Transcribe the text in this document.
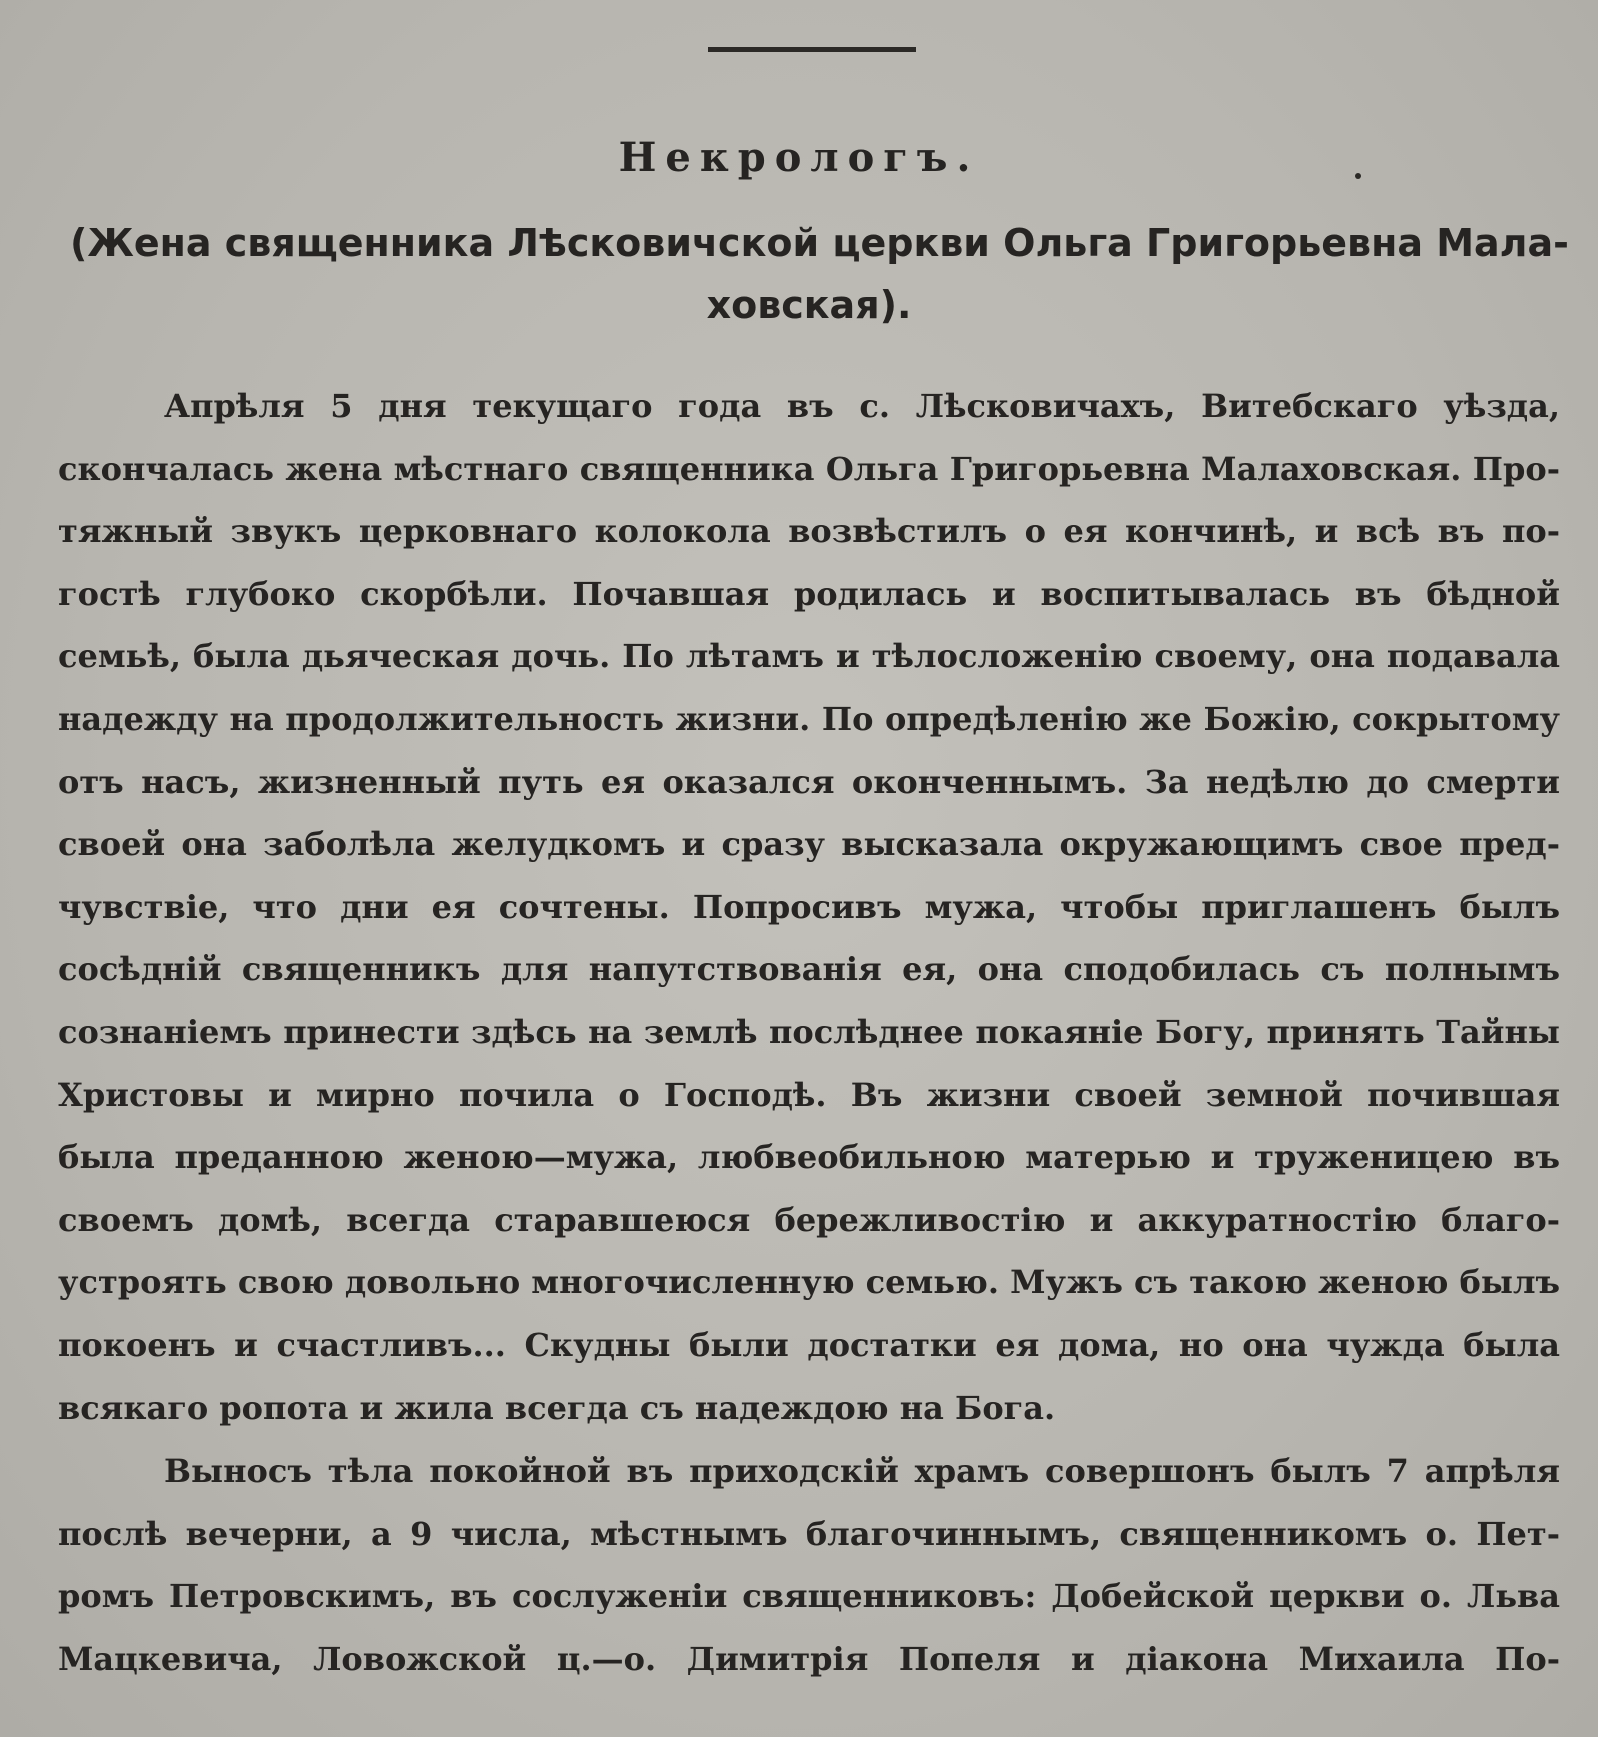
Некрологъ.
(Жена священника Лѣсковичской церкви Ольга Григорьевна Мала-
ховская).
Апрѣля 5 дня текущаго года въ с. Лѣсковичахъ, Витебскаго уѣзда,
скончалась жена мѣстнаго священника Ольга Григорьевна Малаховская. Про-
тяжный звукъ церковнаго колокола возвѣстилъ о ея кончинѣ, и всѣ въ по-
гостѣ глубоко скорбѣли. Почавшая родилась и воспитывалась въ бѣдной
семьѣ, была дьяческая дочь. По лѣтамъ и тѣлосложенію своему, она подавала
надежду на продолжительность жизни. По опредѣленію же Божію, сокрытому
отъ насъ, жизненный путь ея оказался оконченнымъ. За недѣлю до смерти
своей она заболѣла желудкомъ и сразу высказала окружающимъ свое пред-
чувствіе, что дни ея сочтены. Попросивъ мужа, чтобы приглашенъ былъ
сосѣдній священникъ для напутствованія ея, она сподобилась съ полнымъ
сознаніемъ принести здѣсь на землѣ послѣднее покаяніе Богу, принять Тайны
Христовы и мирно почила о Господѣ. Въ жизни своей земной почившая
была преданною женою—мужа, любвеобильною матерью и труженицею въ
своемъ домѣ, всегда старавшеюся бережливостію и аккуратностію благо-
устроять свою довольно многочисленную семью. Мужъ съ такою женою былъ
покоенъ и счастливъ... Скудны были достатки ея дома, но она чужда была
всякаго ропота и жила всегда съ надеждою на Бога.
Выносъ тѣла покойной въ приходскій храмъ совершонъ былъ 7 апрѣля
послѣ вечерни, а 9 числа, мѣстнымъ благочиннымъ, священникомъ о. Пет-
ромъ Петровскимъ, въ сослуженіи священниковъ: Добейской церкви о. Льва
Мацкевича, Ловожской ц.—о. Димитрія Попеля и діакона Михаила По-
